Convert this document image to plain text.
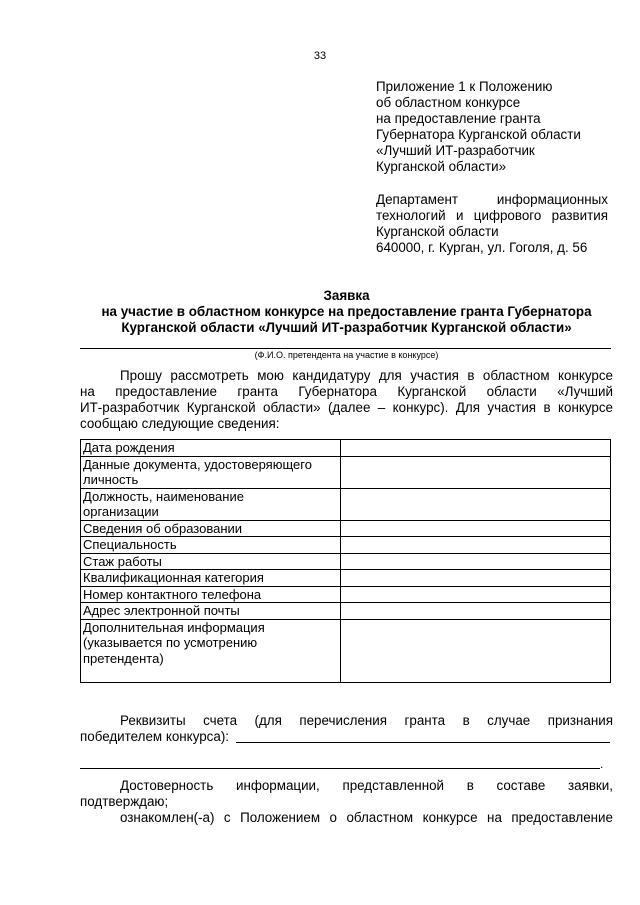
33
Приложение 1 к Положению
об областном конкурсе
на предоставление гранта
Губернатора Курганской области
«Лучший ИТ-разработчик
Курганской области»
Департамент	информационных
технологий и цифрового развития
Курганской области
640000, г. Курган, ул. Гоголя, д. 56
Заявка
на участие в областном конкурсе на предоставление гранта Губернатора
Курганской области «Лучший ИТ-разработчик Курганской области»
(Ф.И.О. претендента на участие в конкурсе)
Прошу рассмотреть мою кандидатуру для участия в областном конкурсе
на предоставление гранта Губернатора Курганской области «Лучший
ИТ-разработчик Курганской области» (далее – конкурс). Для участия в конкурсе
сообщаю следующие сведения:
Дата рождения	

Данные документа, удостоверяющего
личность	

Должность, наименование
организации	

Сведения об образовании	

Специальность	

Стаж работы	

Квалификационная категория	

Номер контактного телефона	

Адрес электронной почты	

Дополнительная информация
(указывается по усмотрению
претендента)	

Реквизиты счета (для перечисления гранта в случае признания
победителем конкурса):
.
Достоверность информации, представленной в составе заявки,
подтверждаю;
ознакомлен(-а) с Положением о областном конкурсе на предоставление
